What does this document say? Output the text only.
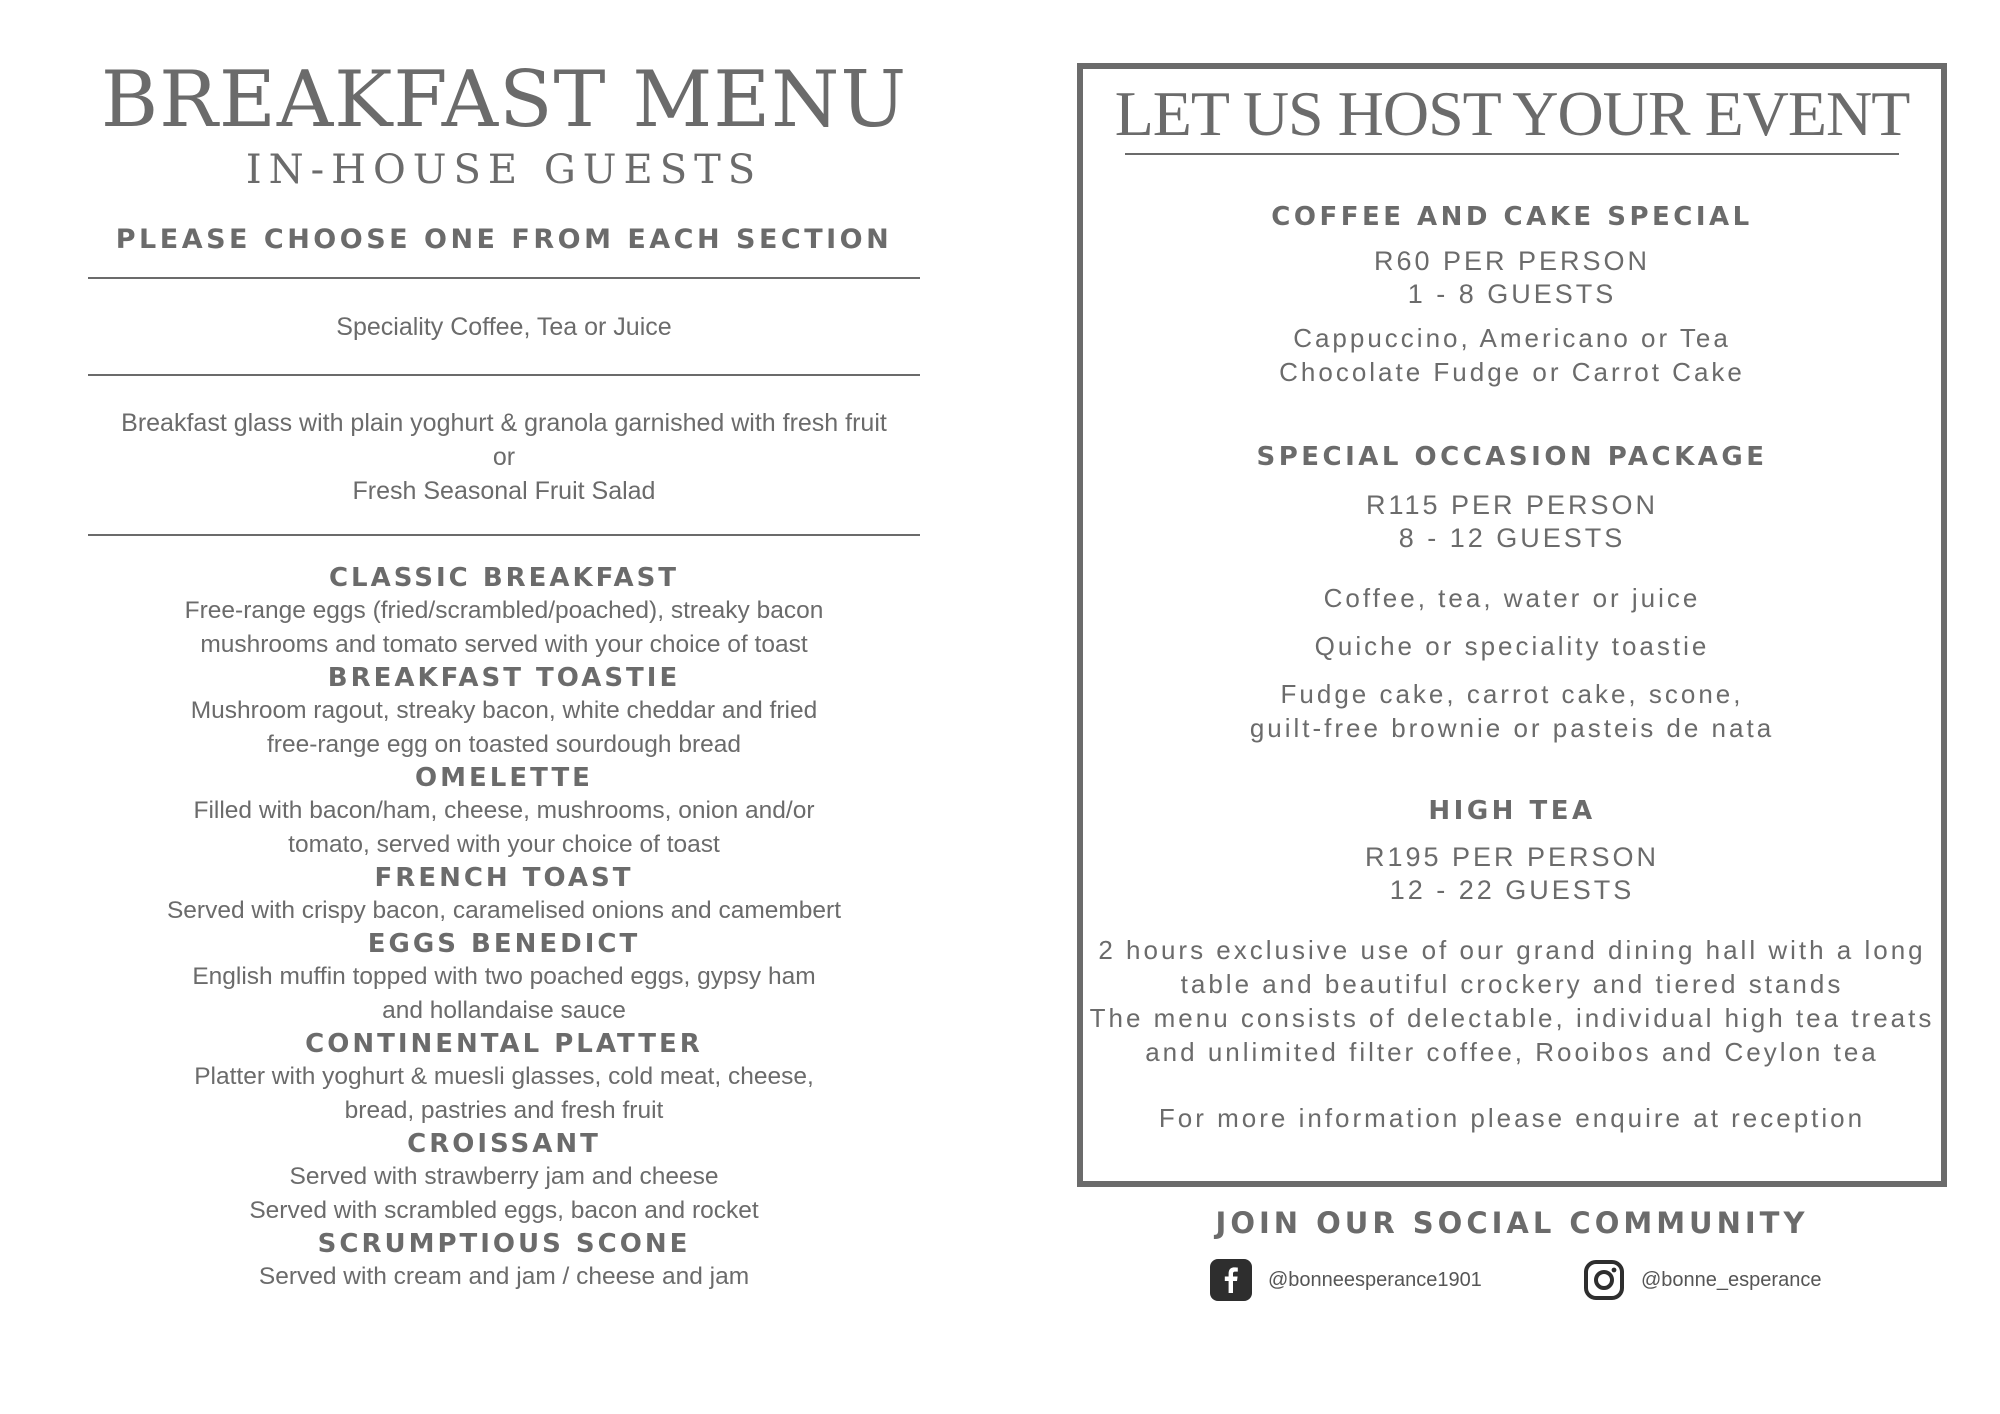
BREAKFAST MENU
IN-HOUSE GUESTS
PLEASE CHOOSE ONE FROM EACH SECTION
Speciality Coffee, Tea or Juice
Breakfast glass with plain yoghurt & granola garnished with fresh fruit
or
Fresh Seasonal Fruit Salad
CLASSIC BREAKFAST
Free-range eggs (fried/scrambled/poached), streaky bacon
mushrooms and tomato served with your choice of toast
BREAKFAST TOASTIE
Mushroom ragout, streaky bacon, white cheddar and fried
free-range egg on toasted sourdough bread
OMELETTE
Filled with bacon/ham, cheese, mushrooms, onion and/or
tomato, served with your choice of toast
FRENCH TOAST
Served with crispy bacon, caramelised onions and camembert
EGGS BENEDICT
English muffin topped with two poached eggs, gypsy ham
and hollandaise sauce
CONTINENTAL PLATTER
Platter with yoghurt & muesli glasses, cold meat, cheese,
bread, pastries and fresh fruit
CROISSANT
Served with strawberry jam and cheese
Served with scrambled eggs, bacon and rocket
SCRUMPTIOUS SCONE
Served with cream and jam / cheese and jam
LET US HOST YOUR EVENT
COFFEE AND CAKE SPECIAL
R60 PER PERSON
1 - 8 GUESTS
Cappuccino, Americano or Tea
Chocolate Fudge or Carrot Cake
SPECIAL OCCASION PACKAGE
R115 PER PERSON
8 - 12 GUESTS
Coffee, tea, water or juice
Quiche or speciality toastie
Fudge cake, carrot cake, scone,
guilt-free brownie or pasteis de nata
HIGH TEA
R195 PER PERSON
12 - 22 GUESTS
2 hours exclusive use of our grand dining hall with a long
table and beautiful crockery and tiered stands
The menu consists of delectable, individual high tea treats
and unlimited filter coffee, Rooibos and Ceylon tea
For more information please enquire at reception
JOIN OUR SOCIAL COMMUNITY
@bonneesperance1901	@bonne_esperance
